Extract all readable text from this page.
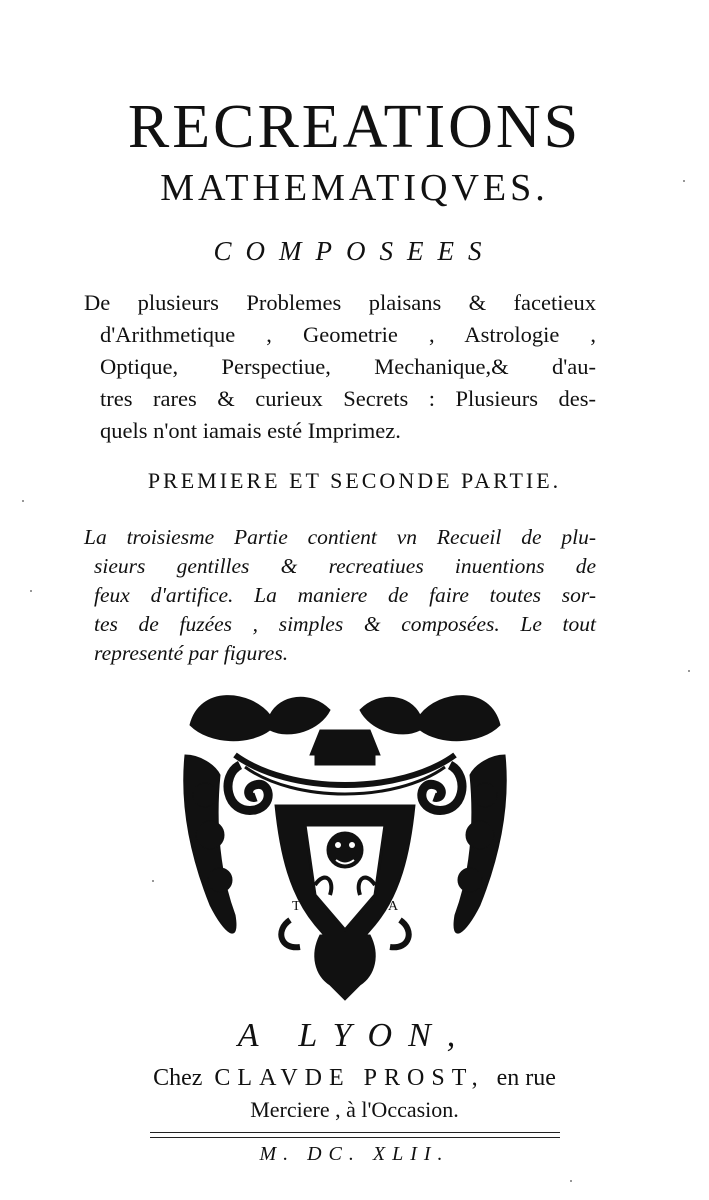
RECREATIONS
MATHEMATIQVES.
COMPOSEES
De plusieurs Problemes plaisans & facetieux
d'Arithmetique , Geometrie , Astrologie ,
Optique, Perspectiue, Mechanique,& d'au-
tres rares & curieux Secrets : Plusieurs des-
quels n'ont iamais esté Imprimez.
PREMIERE ET SECONDE PARTIE.
La troisiesme Partie contient vn Recueil de plu-
sieurs gentilles & recreatiues inuentions de
feux d'artifice. La maniere de faire toutes sor-
tes de fuzées , simples & composées. Le tout
representé par figures.
T	A
A LYON,
Chez CLAVDE PROST, en rue
Merciere , à l'Occasion.
M. DC. XLII.
